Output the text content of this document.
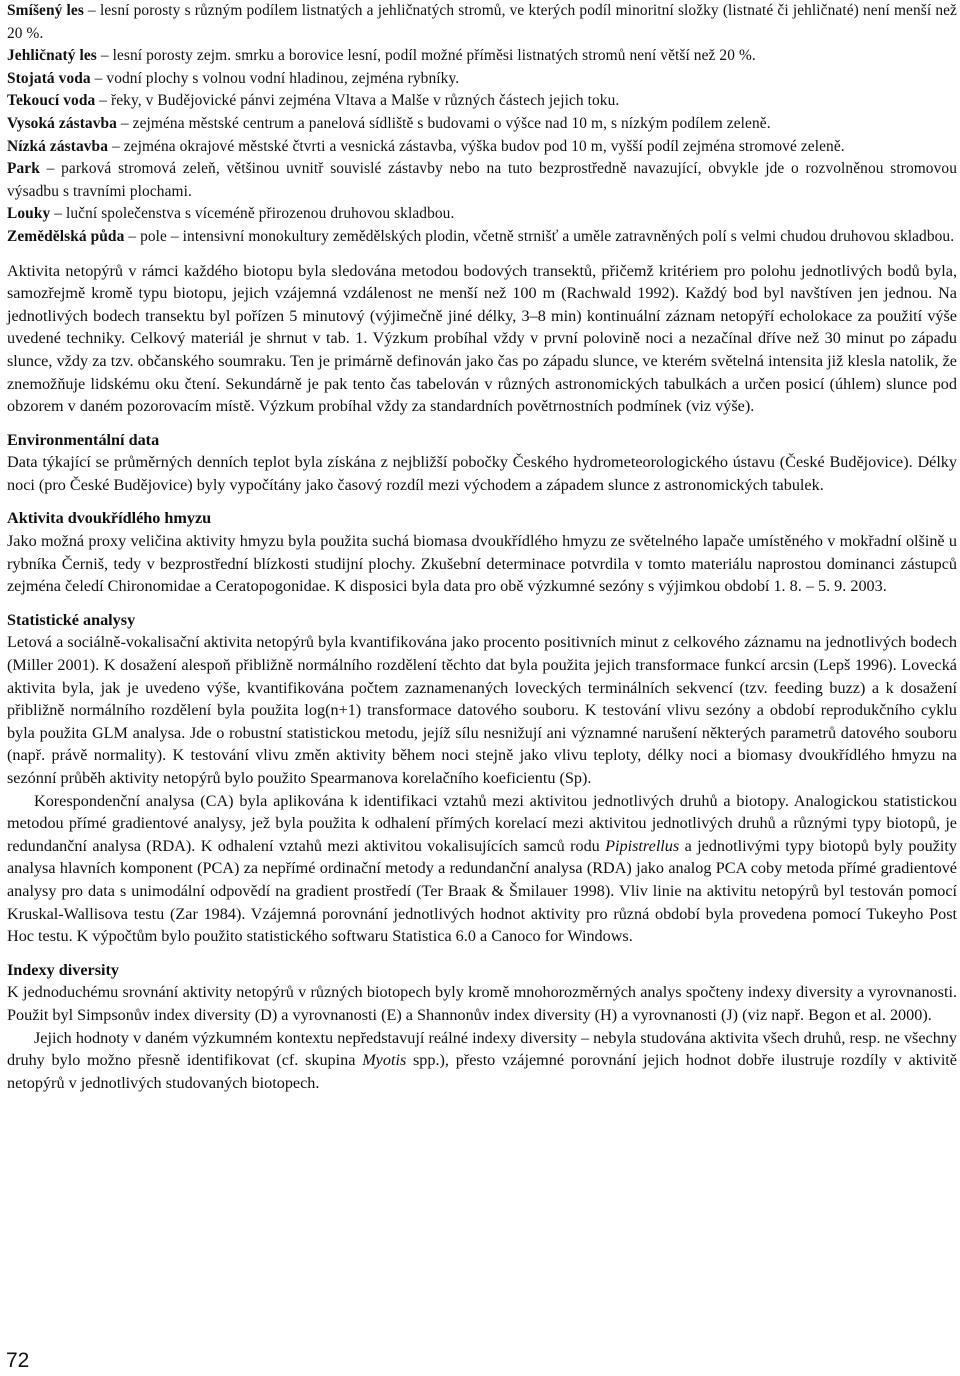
Smíšený les – lesní porosty s různým podílem listnatých a jehličnatých stromů, ve kterých podíl minoritní složky (listnaté či jehličnaté) není menší než 20 %.

Jehličnatý les – lesní porosty zejm. smrku a borovice lesní, podíl možné příměsi listnatých stromů není větší než 20 %.

Stojatá voda – vodní plochy s volnou vodní hladinou, zejména rybníky.

Tekoucí voda – řeky, v Budějovické pánvi zejména Vltava a Malše v různých částech jejich toku.

Vysoká zástavba – zejména městské centrum a panelová sídliště s budovami o výšce nad 10 m, s nízkým podílem zeleně.

Nízká zástavba – zejména okrajové městské čtvrti a vesnická zástavba, výška budov pod 10 m, vyšší podíl zejména stromové zeleně.

Park – parková stromová zeleň, většinou uvnitř souvislé zástavby nebo na tuto bezprostředně navazující, obvykle jde o rozvolněnou stromovou výsadbu s travními plochami.

Louky – luční společenstva s víceméně přirozenou druhovou skladbou.

Zemědělská půda – pole – intensivní monokultury zemědělských plodin, včetně strnišť a uměle zatravněných polí s velmi chudou druhovou skladbou.

Aktivita netopýrů v rámci každého biotopu byla sledována metodou bodových transektů, přičemž kritériem pro polohu jednotlivých bodů byla, samozřejmě kromě typu biotopu, jejich vzájemná vzdálenost ne menší než 100 m (Rachwald 1992). Každý bod byl navštíven jen jednou. Na jednotlivých bodech transektu byl pořízen 5 minutový (výjimečně jiné délky, 3–8 min) kontinuální záznam netopýří echolokace za použití výše uvedené techniky. Celkový materiál je shrnut v tab. 1. Výzkum probíhal vždy v první polovině noci a nezačínal dříve než 30 minut po západu slunce, vždy za tzv. občanského soumraku. Ten je primárně definován jako čas po západu slunce, ve kterém světelná intensita již klesla natolik, že znemožňuje lidskému oku čtení. Sekundárně je pak tento čas tabelován v různých astronomických tabulkách a určen posicí (úhlem) slunce pod obzorem v daném pozorovacím místě. Výzkum probíhal vždy za standardních povětrnostních podmínek (viz výše).

Environmentální data

Data týkající se průměrných denních teplot byla získána z nejbližší pobočky Českého hydrometeorologického ústavu (České Budějovice). Délky noci (pro České Budějovice) byly vypočítány jako časový rozdíl mezi východem a západem slunce z astronomických tabulek.

Aktivita dvoukřídlého hmyzu

Jako možná proxy veličina aktivity hmyzu byla použita suchá biomasa dvoukřídlého hmyzu ze světelného lapače umístěného v mokřadní olšině u rybníka Černiš, tedy v bezprostřední blízkosti studijní plochy. Zkušební determinace potvrdila v tomto materiálu naprostou dominanci zástupců zejména čeledí Chironomidae a Ceratopogonidae. K disposici byla data pro obě výzkumné sezóny s výjimkou období 1. 8. – 5. 9. 2003.

Statistické analysy

Letová a sociálně-vokalisační aktivita netopýrů byla kvantifikována jako procento positivních minut z celkového záznamu na jednotlivých bodech (Miller 2001). K dosažení alespoň přibližně normálního rozdělení těchto dat byla použita jejich transformace funkcí arcsin (Lepš 1996). Lovecká aktivita byla, jak je uvedeno výše, kvantifikována počtem zaznamenaných loveckých terminálních sekvencí (tzv. feeding buzz) a k dosažení přibližně normálního rozdělení byla použita log(n+1) transformace datového souboru. K testování vlivu sezóny a období reprodukčního cyklu byla použita GLM analysa. Jde o robustní statistickou metodu, jejíž sílu nesnižují ani významné narušení některých parametrů datového souboru (např. právě normality). K testování vlivu změn aktivity během noci stejně jako vlivu teploty, délky noci a biomasy dvoukřídlého hmyzu na sezónní průběh aktivity netopýrů bylo použito Spearmanova korelačního koeficientu (Sp).

Korespondenční analysa (CA) byla aplikována k identifikaci vztahů mezi aktivitou jednotlivých druhů a biotopy. Analogickou statistickou metodou přímé gradientové analysy, jež byla použita k odhalení přímých korelací mezi aktivitou jednotlivých druhů a různými typy biotopů, je redundanční analysa (RDA). K odhalení vztahů mezi aktivitou vokalisujících samců rodu Pipistrellus a jednotlivými typy biotopů byly použity analysa hlavních komponent (PCA) za nepřímé ordinační metody a redundanční analysa (RDA) jako analog PCA coby metoda přímé gradientové analysy pro data s unimodální odpovědí na gradient prostředí (Ter Braak & Šmilauer 1998). Vliv linie na aktivitu netopýrů byl testován pomocí Kruskal-Wallisova testu (Zar 1984). Vzájemná porovnání jednotlivých hodnot aktivity pro různá období byla provedena pomocí Tukeyho Post Hoc testu. K výpočtům bylo použito statistického softwaru Statistica 6.0 a Canoco for Windows.

Indexy diversity

K jednoduchému srovnání aktivity netopýrů v různých biotopech byly kromě mnohorozměrných analys spočteny indexy diversity a vyrovnanosti. Použit byl Simpsonův index diversity (D) a vyrovnanosti (E) a Shannonův index diversity (H) a vyrovnanosti (J) (viz např. Begon et al. 2000).

Jejich hodnoty v daném výzkumném kontextu nepředstavují reálné indexy diversity – nebyla studována aktivita všech druhů, resp. ne všechny druhy bylo možno přesně identifikovat (cf. skupina Myotis spp.), přesto vzájemné porovnání jejich hodnot dobře ilustruje rozdíly v aktivitě netopýrů v jednotlivých studovaných biotopech.

72
